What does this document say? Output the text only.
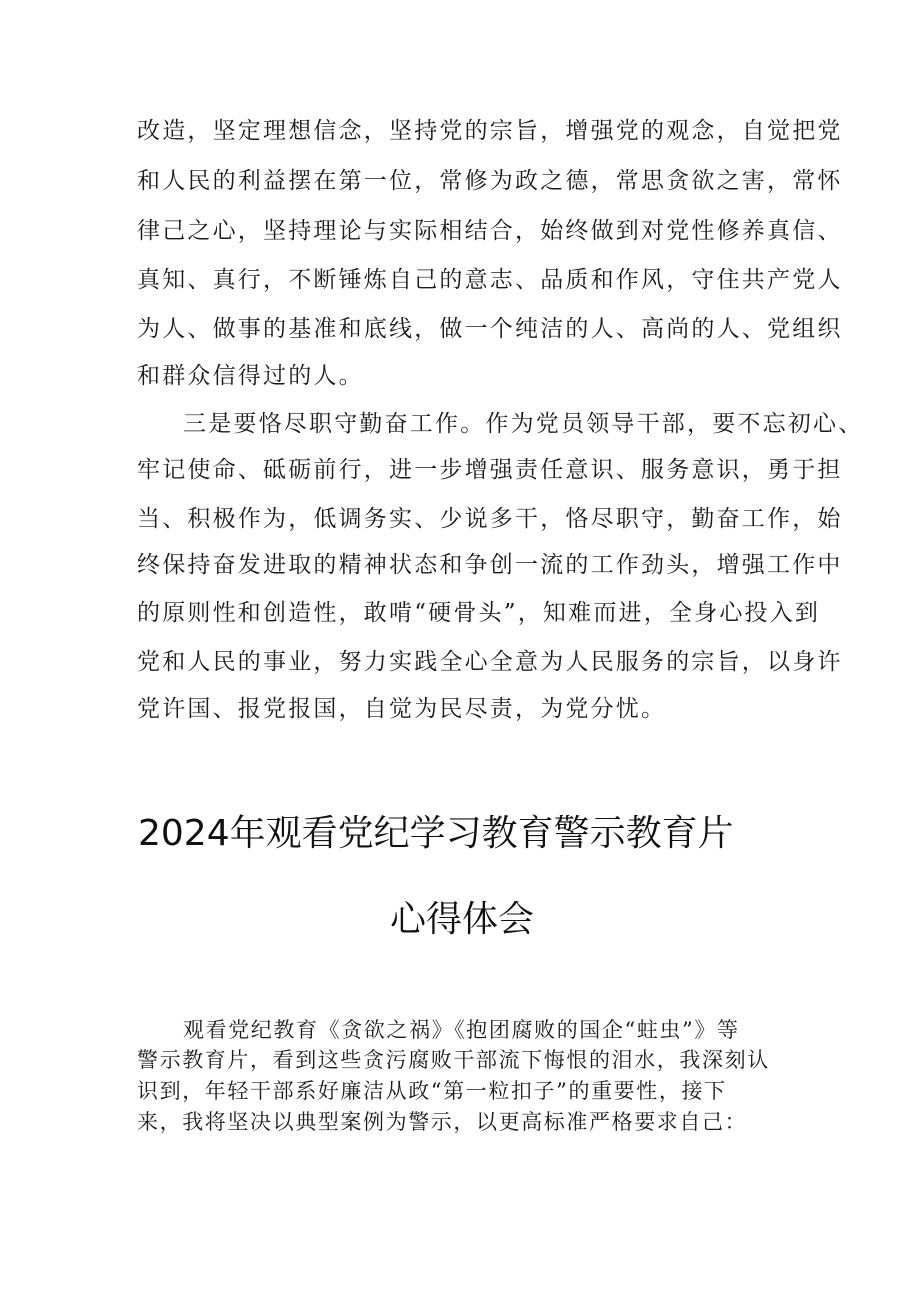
改造，坚定理想信念，坚持党的宗旨，增强党的观念，自觉把党
和人民的利益摆在第一位，常修为政之德，常思贪欲之害，常怀
律己之心，坚持理论与实际相结合，始终做到对党性修养真信、
真知、真行，不断锤炼自己的意志、品质和作风，守住共产党人
为人、做事的基准和底线，做一个纯洁的人、高尚的人、党组织
和群众信得过的人。
三是要恪尽职守勤奋工作。作为党员领导干部，要不忘初心、
牢记使命、砥砺前行，进一步增强责任意识、服务意识，勇于担
当、积极作为，低调务实、少说多干，恪尽职守，勤奋工作，始
终保持奋发进取的精神状态和争创一流的工作劲头，增强工作中
的原则性和创造性，敢啃“硬骨头”，知难而进，全身心投入到
党和人民的事业，努力实践全心全意为人民服务的宗旨，以身许
党许国、报党报国，自觉为民尽责，为党分忧。
2024年观看党纪学习教育警示教育片
心得体会
观看党纪教育《贪欲之祸》《抱团腐败的国企“蛀虫”》等
警示教育片，看到这些贪污腐败干部流下悔恨的泪水，我深刻认
识到，年轻干部系好廉洁从政“第一粒扣子”的重要性，接下
来，我将坚决以典型案例为警示，以更高标准严格要求自己：
